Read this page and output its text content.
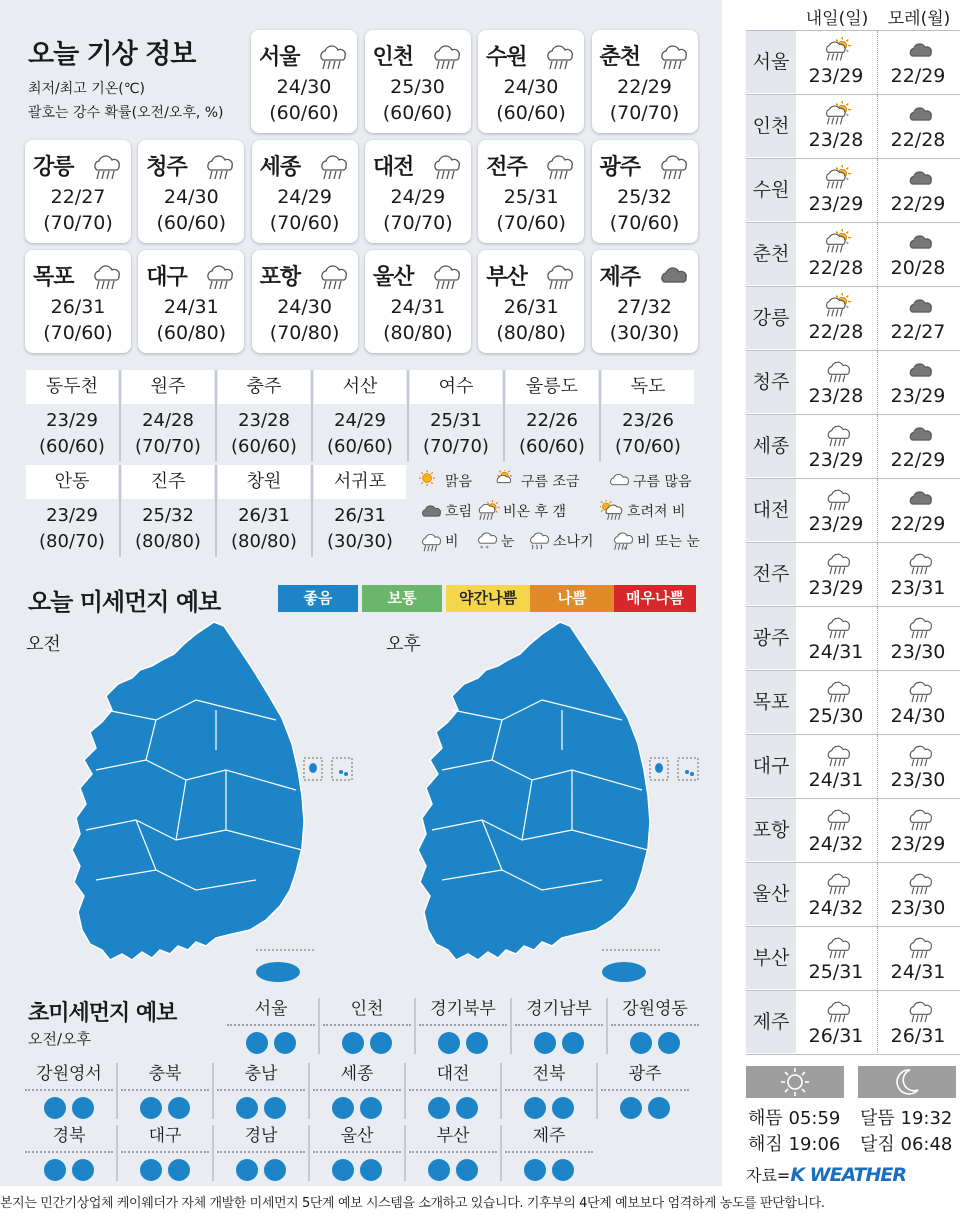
오늘 기상 정보
최저/최고 기온(℃)
괄호는 강수 확률(오전/오후, %)
서울
24/30
(60/60)
인천
25/30
(60/60)
수원
24/30
(60/60)
춘천
22/29
(70/70)
강릉
22/27
(70/70)
청주
24/30
(60/60)
세종
24/29
(70/60)
대전
24/29
(70/70)
전주
25/31
(70/60)
광주
25/32
(70/60)
목포
26/31
(70/60)
대구
24/31
(60/80)
포항
24/30
(70/80)
울산
24/31
(80/80)
부산
26/31
(80/80)
제주
27/32
(30/30)
동두천
23/29
(60/60)
원주
24/28
(70/70)
충주
23/28
(60/60)
서산
24/29
(60/60)
여수
25/31
(70/70)
울릉도
22/26
(60/60)
독도
23/26
(70/60)
안동
23/29
(80/70)
진주
25/32
(80/80)
창원
26/31
(80/80)
서귀포
26/31
(30/30)
맑음	구름 조금	구름 많음
흐림 비온 후 갬	흐려져 비
비 * * 눈	소나기	* 비 또는 눈
오늘 미세먼지 예보	좋음	보통	약간나쁨	나쁨	매우나쁨
오전	오후
초미세먼지 예보
오전/오후
서울	인천	경기북부	경기남부	강원영동
강원영서	충북	충남	세종	대전	전북	광주
경북	대구	경남	울산	부산	제주
내일(일)	모레(월)
서울
23/29	22/29
인천
23/28	22/28
수원
23/29	22/29
춘천
22/28	20/28
강릉
22/28	22/27
청주
23/28	23/29
세종
23/29	22/29
대전
23/29	22/29
전주
23/29	23/31
광주
24/31	23/30
목포
25/30	24/30
대구
24/31	23/30
포항
24/32	23/29
울산
24/32	23/30
부산
25/31	24/31
제주
26/31	26/31
해뜸 05:59
해짐 19:06
달뜸 19:32
달짐 06:48
자료=K WEATHER
본지는 민간기상업체 케이웨더가 자체 개발한 미세먼지 5단계 예보 시스템을 소개하고 있습니다. 기후부의 4단계 예보보다 엄격하게 농도를 판단합니다.
